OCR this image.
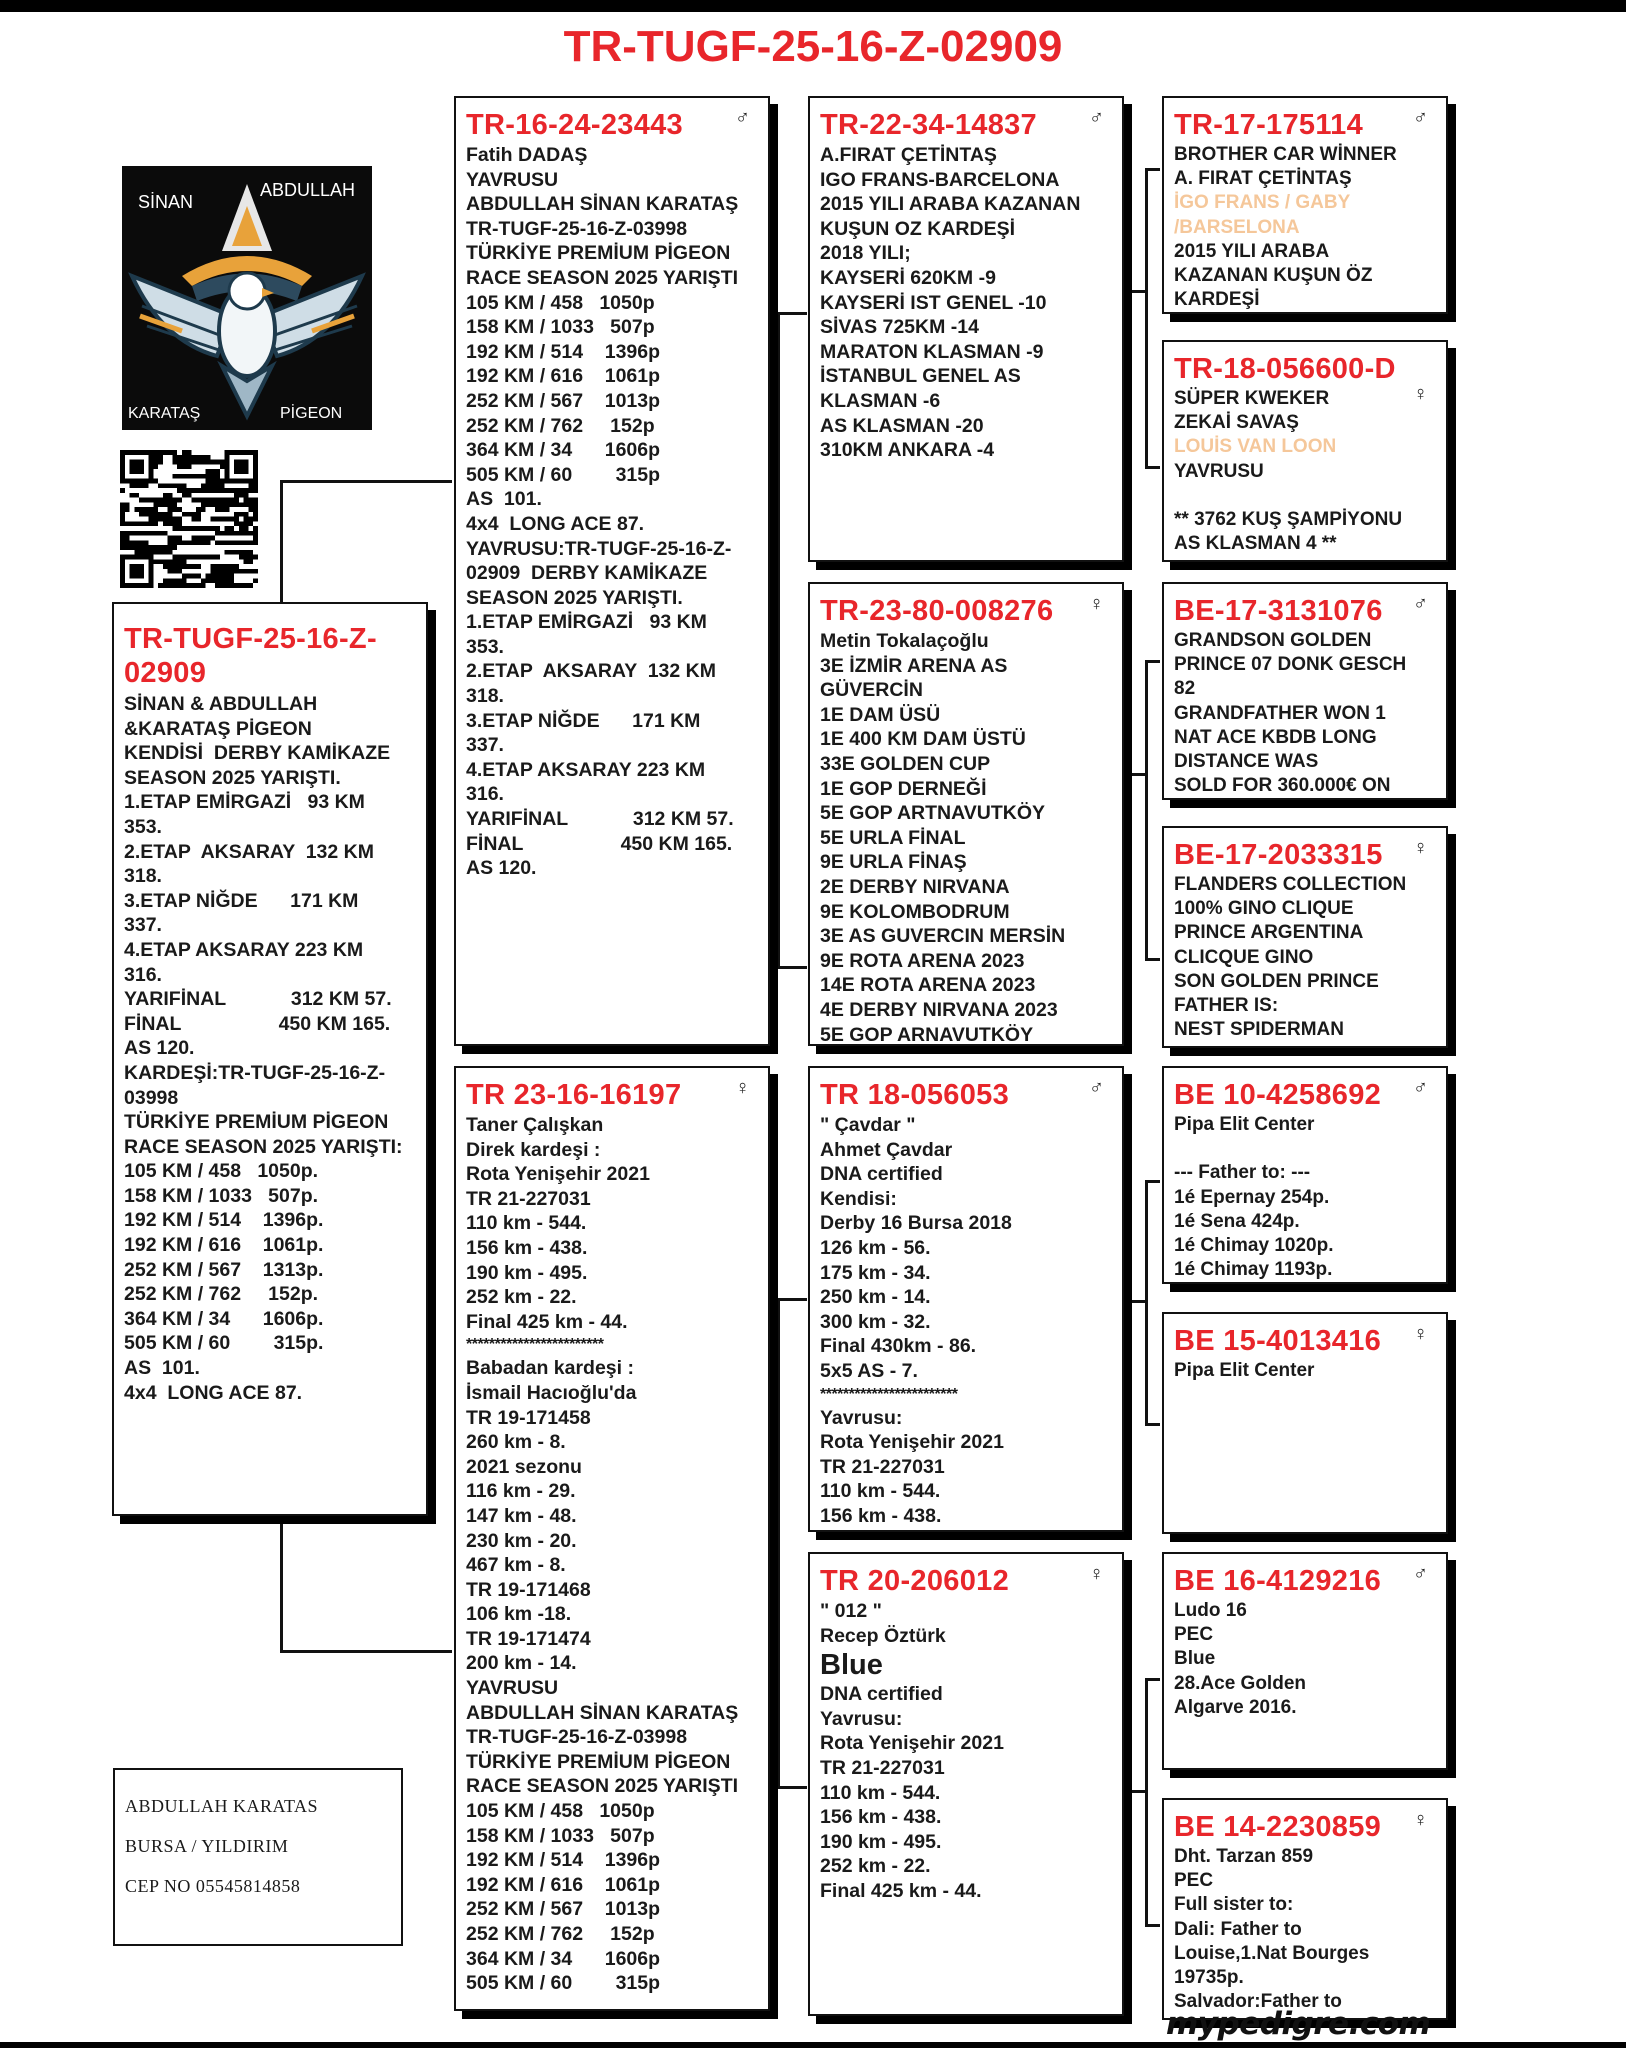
TR-TUGF-25-16-Z-02909
SİNAN
ABDULLAH
KARATAŞ	PİGEON
TR-TUGF-25-16-Z-02909
SİNAN & ABDULLAH
&KARATAŞ PİGEON
KENDİSİ  DERBY KAMİKAZE
SEASON 2025 YARIŞTI.
1.ETAP EMİRGAZİ   93 KM
353.
2.ETAP  AKSARAY  132 KM
318.
3.ETAP NİĞDE      171 KM
337.
4.ETAP AKSARAY 223 KM
316.
YARIFİNAL            312 KM 57.
FİNAL                  450 KM 165.
AS 120.
KARDEŞİ:TR-TUGF-25-16-Z-
03998
TÜRKİYE PREMİUM PİGEON
RACE SEASON 2025 YARIŞTI:
105 KM / 458   1050p.
158 KM / 1033   507p.
192 KM / 514    1396p.
192 KM / 616    1061p.
252 KM / 567    1313p.
252 KM / 762     152p.
364 KM / 34      1606p.
505 KM / 60        315p.
AS  101.
4x4  LONG ACE 87.
TR-16-24-23443	♂
Fatih DADAŞ
YAVRUSU
ABDULLAH SİNAN KARATAŞ
TR-TUGF-25-16-Z-03998
TÜRKİYE PREMİUM PİGEON
RACE SEASON 2025 YARIŞTI
105 KM / 458   1050p
158 KM / 1033   507p
192 KM / 514    1396p
192 KM / 616    1061p
252 KM / 567    1013p
252 KM / 762     152p
364 KM / 34      1606p
505 KM / 60        315p
AS  101.
4x4  LONG ACE 87.
YAVRUSU:TR-TUGF-25-16-Z-
02909  DERBY KAMİKAZE
SEASON 2025 YARIŞTI.
1.ETAP EMİRGAZİ   93 KM
353.
2.ETAP  AKSARAY  132 KM
318.
3.ETAP NİĞDE      171 KM
337.
4.ETAP AKSARAY 223 KM
316.
YARIFİNAL            312 KM 57.
FİNAL                  450 KM 165.
AS 120.
TR 23-16-16197	♀
Taner Çalışkan
Direk kardeşi :
Rota Yenişehir 2021
TR 21-227031
110 km - 544.
156 km - 438.
190 km - 495.
252 km - 22.
Final 425 km - 44.
************************
Babadan kardeşi :
İsmail Hacıoğlu'da
TR 19-171458
260 km - 8.
2021 sezonu
116 km - 29.
147 km - 48.
230 km - 20.
467 km - 8.
TR 19-171468
106 km -18.
TR 19-171474
200 km - 14.
YAVRUSU
ABDULLAH SİNAN KARATAŞ
TR-TUGF-25-16-Z-03998
TÜRKİYE PREMİUM PİGEON
RACE SEASON 2025 YARIŞTI
105 KM / 458   1050p
158 KM / 1033   507p
192 KM / 514    1396p
192 KM / 616    1061p
252 KM / 567    1013p
252 KM / 762     152p
364 KM / 34      1606p
505 KM / 60        315p
TR-22-34-14837	♂
A.FIRAT ÇETİNTAŞ
IGO FRANS-BARCELONA
2015 YILI ARABA KAZANAN
KUŞUN OZ KARDEŞİ
2018 YILI;
KAYSERİ 620KM -9
KAYSERİ IST GENEL -10
SİVAS 725KM -14
MARATON KLASMAN -9
İSTANBUL GENEL AS
KLASMAN -6
AS KLASMAN -20
310KM ANKARA -4
TR-23-80-008276	♀
Metin Tokalaçoğlu
3E İZMİR ARENA AS
GÜVERCİN
1E DAM ÜSÜ
1E 400 KM DAM ÜSTÜ
33E GOLDEN CUP
1E GOP DERNEĞİ
5E GOP ARTNAVUTKÖY
5E URLA FİNAL
9E URLA FİNAŞ
2E DERBY NIRVANA
9E KOLOMBODRUM
3E AS GUVERCIN MERSİN
9E ROTA ARENA 2023
14E ROTA ARENA 2023
4E DERBY NIRVANA 2023
5E GOP ARNAVUTKÖY
TR 18-056053	♂
" Çavdar "
Ahmet Çavdar
DNA certified
Kendisi:
Derby 16 Bursa 2018
126 km - 56.
175 km - 34.
250 km - 14.
300 km - 32.
Final 430km - 86.
5x5 AS - 7.
************************
Yavrusu:
Rota Yenişehir 2021
TR 21-227031
110 km - 544.
156 km - 438.
TR 20-206012	♀
" 012 "
Recep Öztürk
Blue
DNA certified
Yavrusu:
Rota Yenişehir 2021
TR 21-227031
110 km - 544.
156 km - 438.
190 km - 495.
252 km - 22.
Final 425 km - 44.
TR-17-175114	♂
BROTHER CAR WİNNER
A. FIRAT ÇETİNTAŞ
İGO FRANS / GABY
/BARSELONA
2015 YILI ARABA
KAZANAN KUŞUN ÖZ
KARDEŞİ
TR-18-056600-D
♀
SÜPER KWEKER
ZEKAİ SAVAŞ
LOUİS VAN LOON
YAVRUSU

** 3762 KUŞ ŞAMPİYONU
AS KLASMAN 4 **
BE-17-3131076	♂
GRANDSON GOLDEN
PRINCE 07 DONK GESCH
82
GRANDFATHER WON 1
NAT ACE KBDB LONG
DISTANCE WAS
SOLD FOR 360.000€ ON
BE-17-2033315	♀
FLANDERS COLLECTION
100% GINO CLIQUE
PRINCE ARGENTINA
CLICQUE GINO
SON GOLDEN PRINCE
FATHER IS:
NEST SPIDERMAN
BE 10-4258692	♂
Pipa Elit Center

--- Father to: ---
1é Epernay 254p.
1é Sena 424p.
1é Chimay 1020p.
1é Chimay 1193p.
BE 15-4013416	♀
Pipa Elit Center
BE 16-4129216	♂
Ludo 16
PEC
Blue
28.Ace Golden
Algarve 2016.
BE 14-2230859	♀
Dht. Tarzan 859
PEC
Full sister to:
Dali: Father to
Louise,1.Nat Bourges
19735p.
Salvador:Father to
ABDULLAH KARATAS
BURSA / YILDIRIM
CEP NO 05545814858
mypedigre.com
